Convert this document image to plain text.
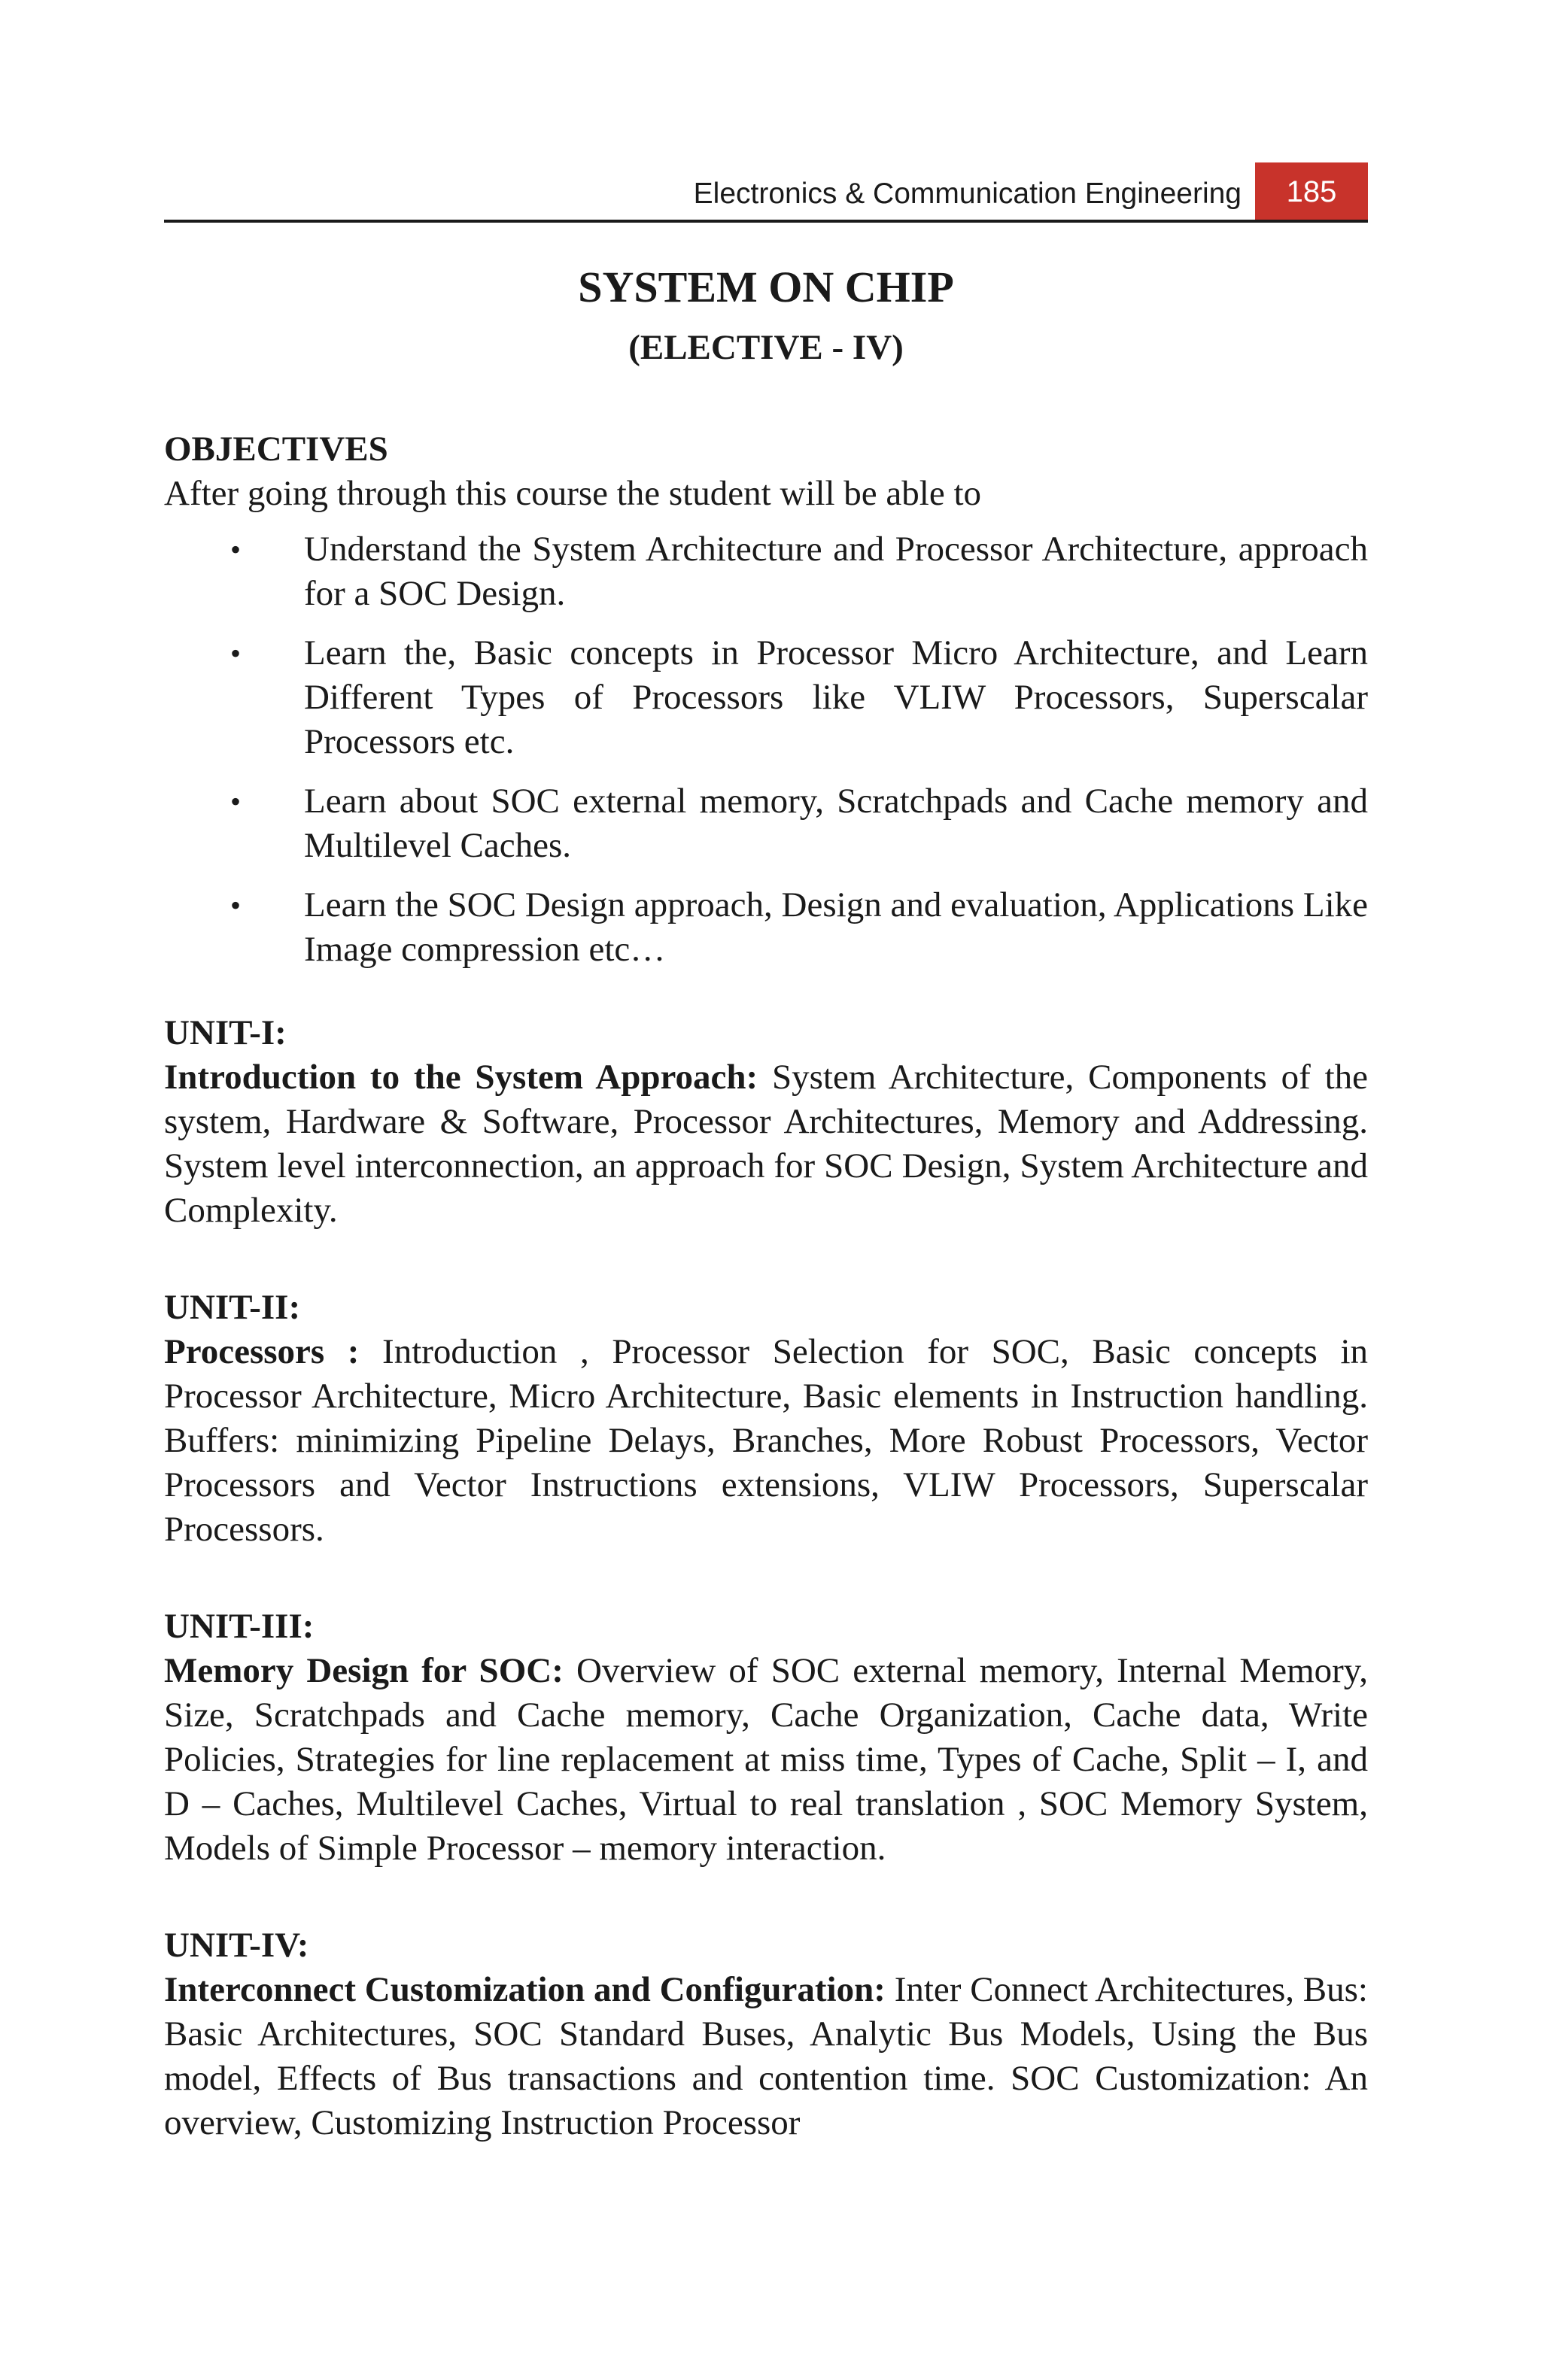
Electronics & Communication Engineering	185
SYSTEM ON CHIP
(ELECTIVE - IV)

OBJECTIVES

After going through this course the student will be able to

• Understand the System Architecture and Processor Architecture, approach for a SOC Design.
• Learn the, Basic concepts in Processor Micro Architecture, and Learn Different Types of Processors like VLIW Processors, Superscalar Processors etc.
• Learn about SOC external memory, Scratchpads and Cache memory and Multilevel Caches.
• Learn the SOC Design approach, Design and evaluation, Applications Like Image compression etc…

UNIT-I:

Introduction to the System Approach: System Architecture, Components of the system, Hardware & Software, Processor Architectures, Memory and Addressing. System level interconnection, an approach for SOC Design, System Architecture and Complexity.

UNIT-II:

Processors : Introduction , Processor Selection for SOC, Basic concepts in Processor Architecture, Micro Architecture, Basic elements in Instruction handling. Buffers: minimizing Pipeline Delays, Branches, More Robust Processors, Vector Processors and Vector Instructions extensions, VLIW Processors, Superscalar Processors.

UNIT-III:

Memory Design for SOC: Overview of SOC external memory, Internal Memory, Size, Scratchpads and Cache memory, Cache Organization, Cache data, Write Policies, Strategies for line replacement at miss time, Types of Cache, Split – I, and D – Caches, Multilevel Caches, Virtual to real translation , SOC Memory System, Models of Simple Processor – memory interaction.

UNIT-IV:

Interconnect Customization and Configuration: Inter Connect Architectures, Bus: Basic Architectures, SOC Standard Buses, Analytic Bus Models, Using the Bus model, Effects of Bus transactions and contention time. SOC Customization: An overview, Customizing Instruction Processor
